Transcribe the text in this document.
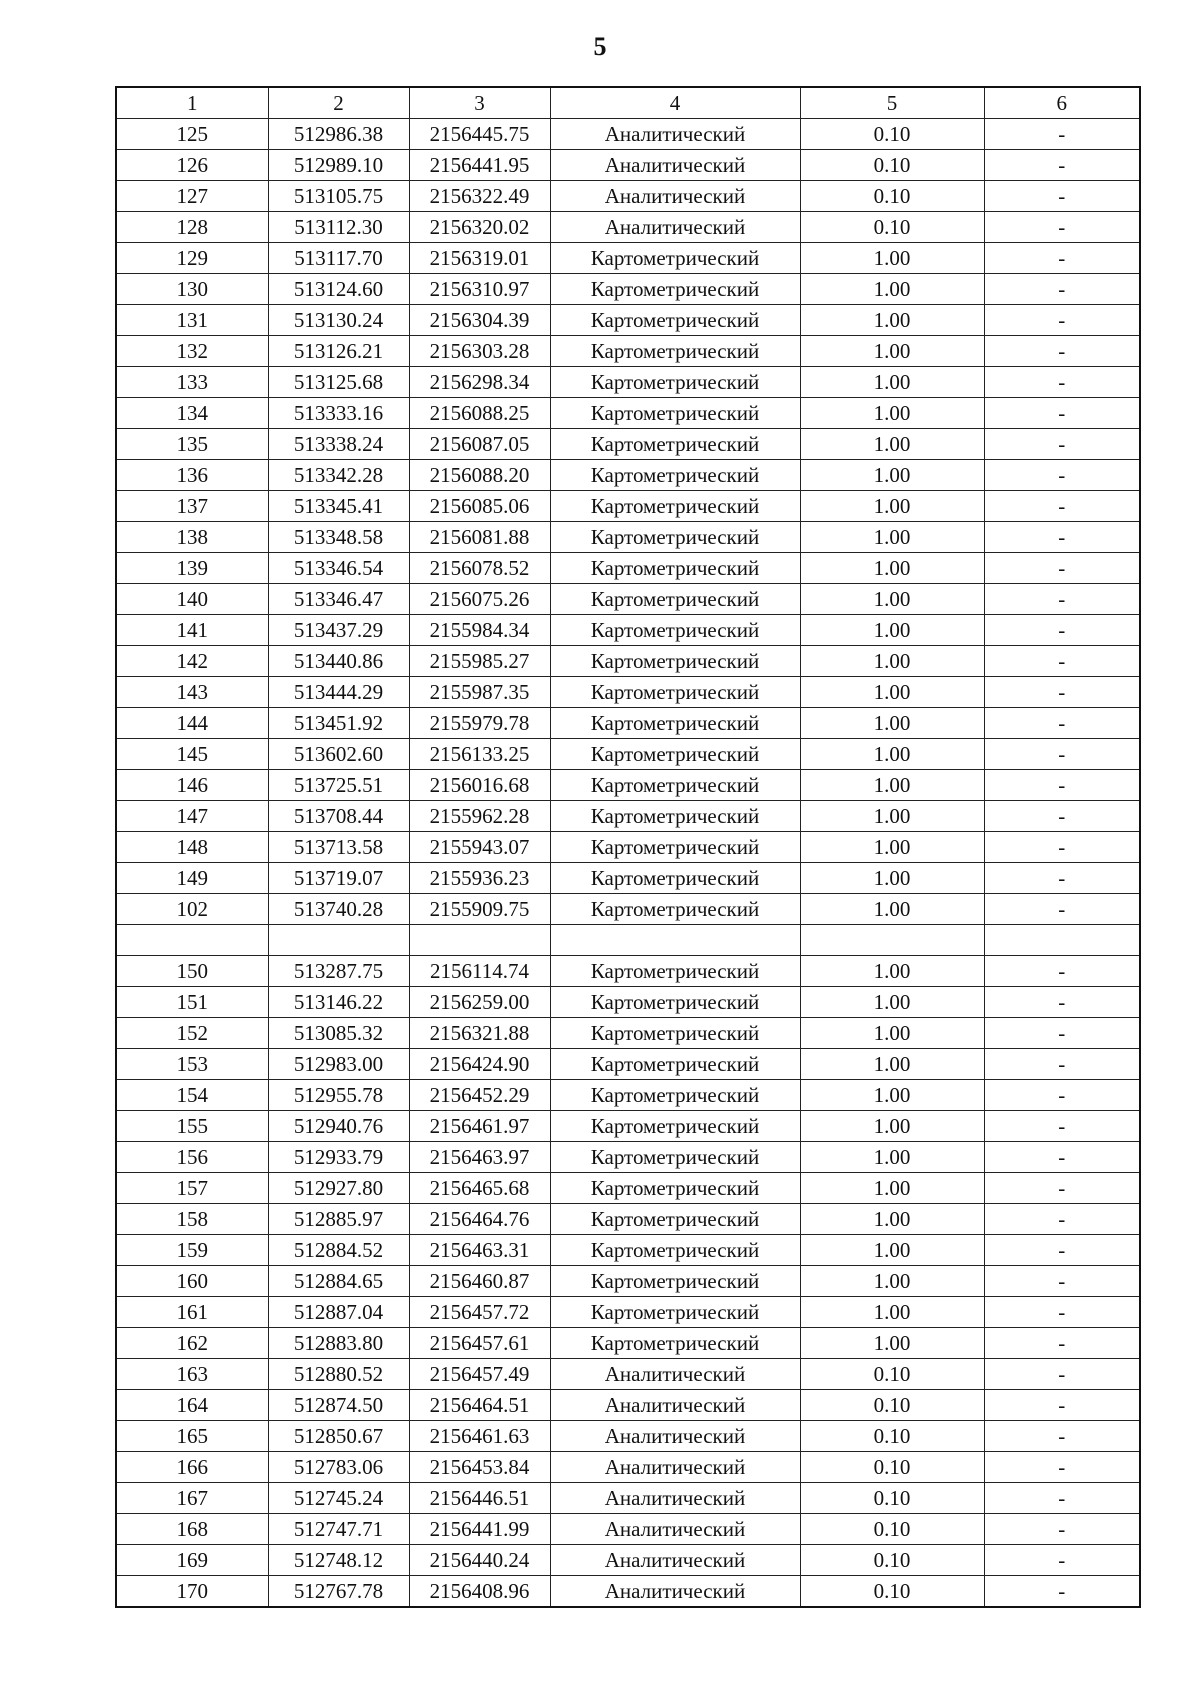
5
1	2	3	4	5	6
125	512986.38	2156445.75	Аналитический	0.10	-
126	512989.10	2156441.95	Аналитический	0.10	-
127	513105.75	2156322.49	Аналитический	0.10	-
128	513112.30	2156320.02	Аналитический	0.10	-
129	513117.70	2156319.01	Картометрический	1.00	-
130	513124.60	2156310.97	Картометрический	1.00	-
131	513130.24	2156304.39	Картометрический	1.00	-
132	513126.21	2156303.28	Картометрический	1.00	-
133	513125.68	2156298.34	Картометрический	1.00	-
134	513333.16	2156088.25	Картометрический	1.00	-
135	513338.24	2156087.05	Картометрический	1.00	-
136	513342.28	2156088.20	Картометрический	1.00	-
137	513345.41	2156085.06	Картометрический	1.00	-
138	513348.58	2156081.88	Картометрический	1.00	-
139	513346.54	2156078.52	Картометрический	1.00	-
140	513346.47	2156075.26	Картометрический	1.00	-
141	513437.29	2155984.34	Картометрический	1.00	-
142	513440.86	2155985.27	Картометрический	1.00	-
143	513444.29	2155987.35	Картометрический	1.00	-
144	513451.92	2155979.78	Картометрический	1.00	-
145	513602.60	2156133.25	Картометрический	1.00	-
146	513725.51	2156016.68	Картометрический	1.00	-
147	513708.44	2155962.28	Картометрический	1.00	-
148	513713.58	2155943.07	Картометрический	1.00	-
149	513719.07	2155936.23	Картометрический	1.00	-
102	513740.28	2155909.75	Картометрический	1.00	-

150	513287.75	2156114.74	Картометрический	1.00	-
151	513146.22	2156259.00	Картометрический	1.00	-
152	513085.32	2156321.88	Картометрический	1.00	-
153	512983.00	2156424.90	Картометрический	1.00	-
154	512955.78	2156452.29	Картометрический	1.00	-
155	512940.76	2156461.97	Картометрический	1.00	-
156	512933.79	2156463.97	Картометрический	1.00	-
157	512927.80	2156465.68	Картометрический	1.00	-
158	512885.97	2156464.76	Картометрический	1.00	-
159	512884.52	2156463.31	Картометрический	1.00	-
160	512884.65	2156460.87	Картометрический	1.00	-
161	512887.04	2156457.72	Картометрический	1.00	-
162	512883.80	2156457.61	Картометрический	1.00	-
163	512880.52	2156457.49	Аналитический	0.10	-
164	512874.50	2156464.51	Аналитический	0.10	-
165	512850.67	2156461.63	Аналитический	0.10	-
166	512783.06	2156453.84	Аналитический	0.10	-
167	512745.24	2156446.51	Аналитический	0.10	-
168	512747.71	2156441.99	Аналитический	0.10	-
169	512748.12	2156440.24	Аналитический	0.10	-
170	512767.78	2156408.96	Аналитический	0.10	-
